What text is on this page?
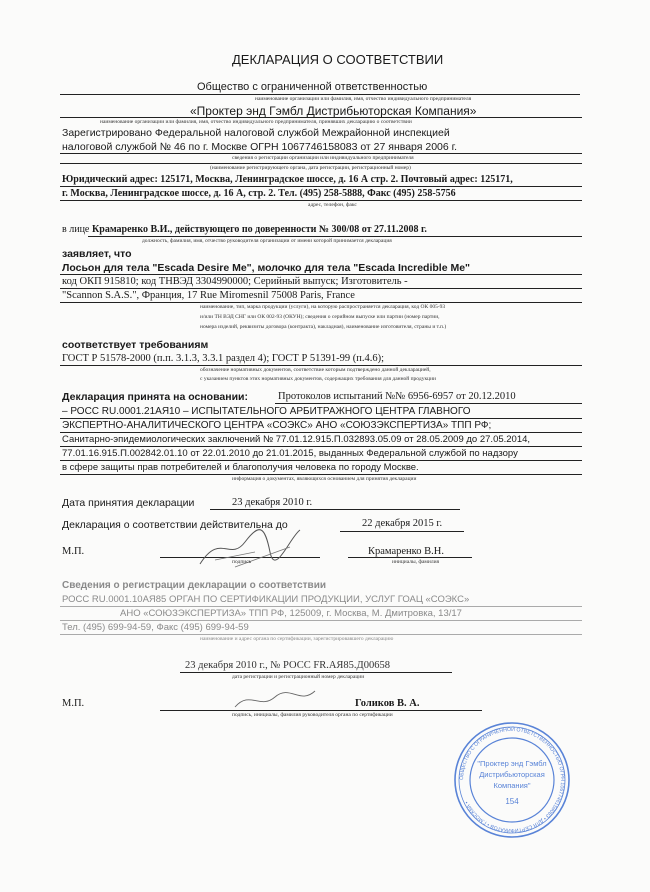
ДЕКЛАРАЦИЯ О СООТВЕТСТВИИ
Общество с ограниченной ответственностью
наименование организации или фамилия, имя, отчество индивидуального предпринимателя
«Проктер энд Гэмбл Дистрибьюторская Компания»
наименование организации или фамилия, имя, отчество индивидуального предпринимателя, принявших декларацию о соответствии
Зарегистрировано Федеральной налоговой службой Межрайонной инспекцией
налоговой службой № 46 по г. Москве ОГРН 1067746158083 от 27 января 2006 г.
сведения о регистрации организации или индивидуального предпринимателя
(наименование регистрирующего органа, дата регистрации, регистрационный номер)
Юридический адрес: 125171, Москва, Ленинградское шоссе, д. 16 А стр. 2. Почтовый адрес: 125171,
г. Москва, Ленинградское шоссе, д. 16 А, стр. 2. Тел. (495) 258-5888, Факс (495) 258-5756
адрес, телефон, факс
в лице Крамаренко В.И., действующего по доверенности № 300/08 от 27.11.2008 г.
должность, фамилия, имя, отчество руководителя организации от имени которой принимается декларация
заявляет, что
Лосьон для тела "Escada Desire Me", молочко для тела "Escada Incredible Me"
код ОКП 915810; код ТНВЭД 3304990000; Серийный выпуск; Изготовитель -
"Scannon S.A.S.", Франция, 17 Rue Miromesnil 75008 Paris, France
наименование, тип, марка продукции (услуги), на которую распространяется декларация, код ОК 005-93
и/или ТН ВЭД СНГ или ОК 002-93 (ОКУН); сведения о серийном выпуске или партии (номер партии,
номера изделий, реквизиты договора (контракта), накладная), наименование изготовителя, страны и т.п.)
соответствует требованиям
ГОСТ Р 51578-2000 (п.п. 3.1.3, 3.3.1 раздел 4); ГОСТ Р 51391-99 (п.4.6);
обозначение нормативных документов, соответствие которым подтверждено данной декларацией,
с указанием пунктов этих нормативных документов, содержащих требования для данной продукции
Декларация принята на основании:	Протоколов испытаний №№ 6956-6957 от 20.12.2010
– РОСС RU.0001.21АЯ10 – ИСПЫТАТЕЛЬНОГО АРБИТРАЖНОГО ЦЕНТРА ГЛАВНОГО
ЭКСПЕРТНО-АНАЛИТИЧЕСКОГО ЦЕНТРА «СОЭКС» АНО «СОЮЗЭКСПЕРТИЗА» ТПП РФ;
Санитарно-эпидемиологических заключений № 77.01.12.915.П.032893.05.09 от 28.05.2009 до 27.05.2014,
77.01.16.915.П.002842.01.10 от 22.01.2010 до 21.01.2015, выданных Федеральной службой по надзору
в сфере защиты прав потребителей и благополучия человека по городу Москве.
информация о документах, являющихся основанием для принятия декларации
Дата принятия декларации	23 декабря 2010 г.
Декларация о соответствии действительна до	22 декабря 2015 г.
М.П.
подпись
Крамаренко В.Н.
инициалы, фамилия
Сведения о регистрации декларации о соответствии
РОСС RU.0001.10АЯ85 ОРГАН ПО СЕРТИФИКАЦИИ ПРОДУКЦИИ, УСЛУГ ГОАЦ «СОЭКС»
АНО «СОЮЗЭКСПЕРТИЗА» ТПП РФ, 125009, г. Москва, М. Дмитровка, 13/17
Тел. (495) 699-94-59, Факс (495) 699-94-59
наименование и адрес органа по сертификации, зарегистрировавшего декларацию
23 декабря 2010 г., № РОСС FR.АЯ85.Д00658
дата регистрации и регистрационный номер декларации
М.П.	Голиков В. А.
подпись, инициалы, фамилия руководителя органа по сертификации
ОБЩЕСТВО С ОГРАНИЧЕННОЙ ОТВЕТСТВЕННОСТЬЮ ОГРН 1067746158083 • ДЛЯ СЕРТИФИКАТОВ • Г.МОСКВА •
"Проктер энд Гэмбл
Дистрибьюторская
Компания"
154
